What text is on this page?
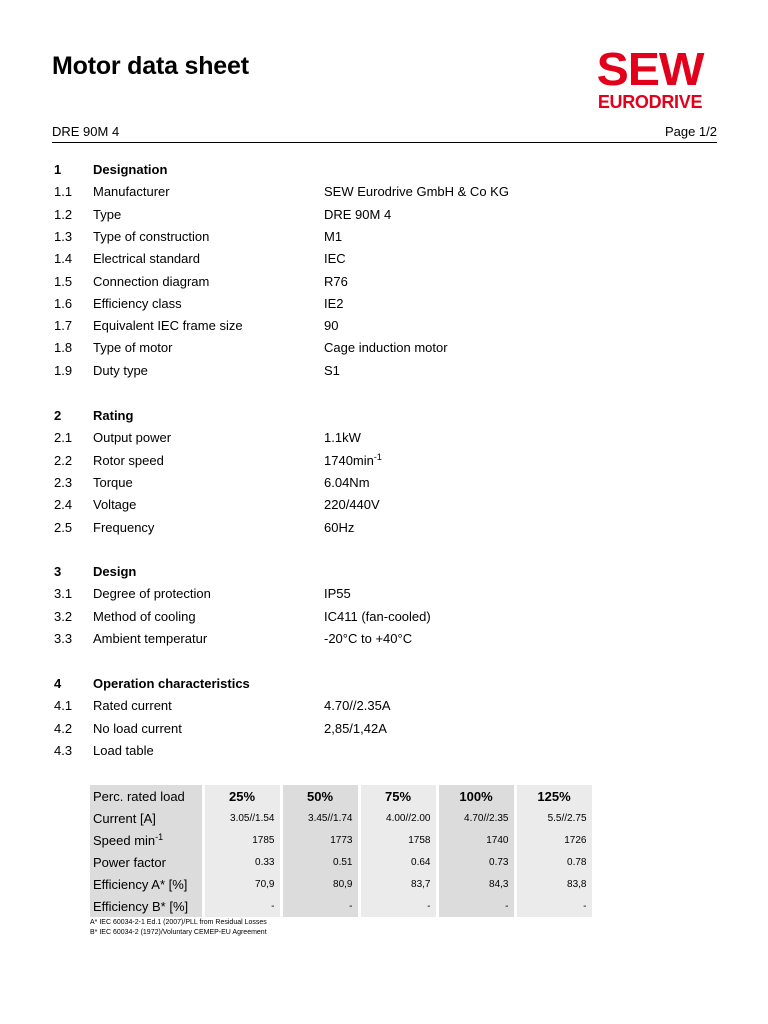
Motor data sheet	SEW
EURODRIVE
DRE 90M 4	Page 1/2
1 Designation
1.1 Manufacturer	SEW Eurodrive GmbH & Co KG
1.2 Type	DRE 90M 4
1.3 Type of construction	M1
1.4 Electrical standard	IEC
1.5 Connection diagram	R76
1.6 Efficiency class	IE2
1.7 Equivalent IEC frame size	90
1.8 Type of motor	Cage induction motor
1.9 Duty type	S1
2 Rating
2.1 Output power	1.1kW
2.2 Rotor speed	$1740\min^{-1}$
2.3 Torque	6.04Nm
2.4 Voltage	220/440V
2.5 Frequency	60Hz
3 Design
3.1 Degree of protection	IP55
3.2 Method of cooling	IC411 (fan-cooled)
3.3 Ambient temperatur	-20°C to +40°C
4 Operation characteristics
4.1 Rated current	4.70//2.35A
4.2 No load current	2,85/1,42A
4.3 Load table
Perc. rated load	25%	50%	75%	100%	125%
Current [A]	3.05//1.54	3.45//1.74	4.00//2.00	4.70//2.35	5.5//2.75
Speed $\min^{-1}$	1785	1773	1758	1740	1726
Power factor	0.33	0.51	0.64	0.73	0.78
Efficiency A* [%]	70,9	80,9	83,7	84,3	83,8
Efficiency B* [%]	-	-	-	-	-
A* IEC 60034-2-1 Ed.1 (2007)/PLL from Residual Losses
B* IEC 60034-2 (1972)/Voluntary CEMEP-EU Agreement
